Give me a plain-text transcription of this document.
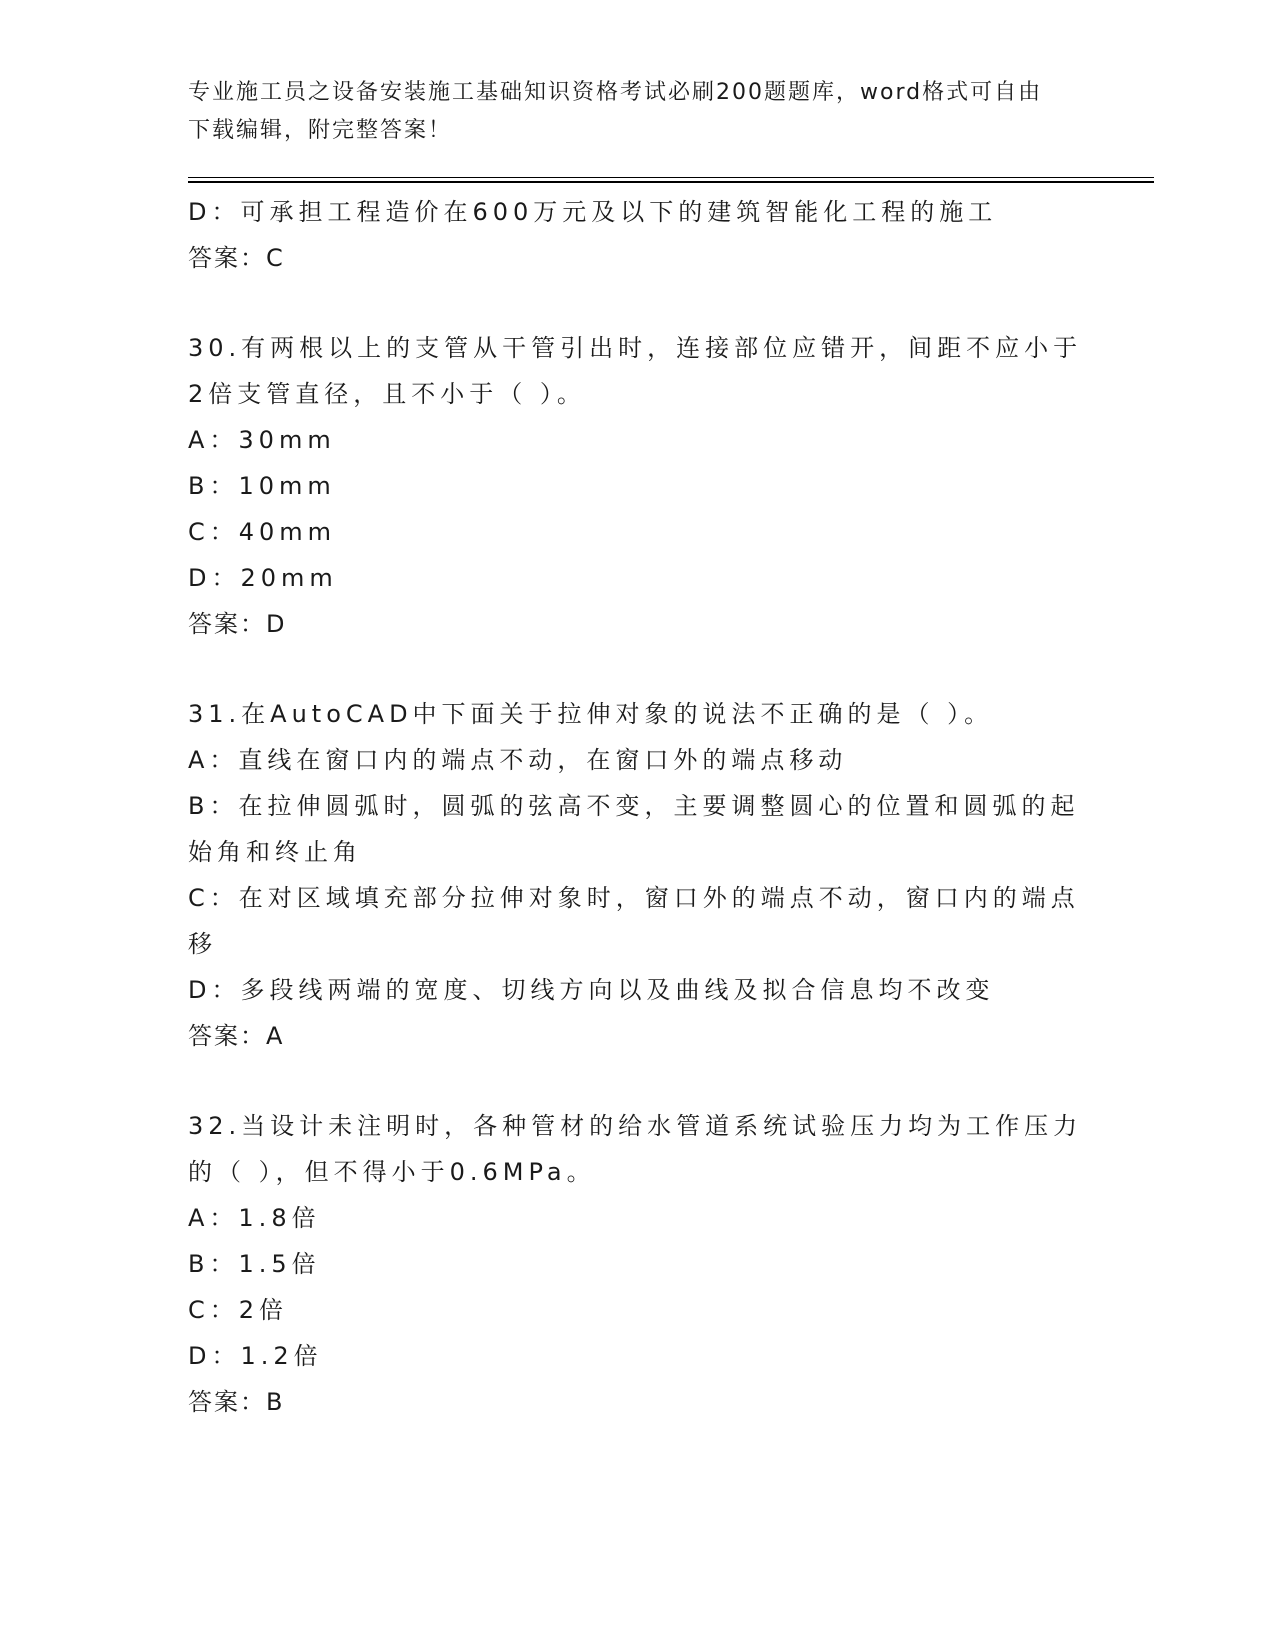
专业施工员之设备安装施工基础知识资格考试必刷200题题库，word格式可自由
下载编辑，附完整答案！
D：可承担工程造价在600万元及以下的建筑智能化工程的施工
答案：C
30.有两根以上的支管从干管引出时，连接部位应错开，间距不应小于
2倍支管直径，且不小于（ ）。
A：30mm
B：10mm
C：40mm
D：20mm
答案：D
31.在AutoCAD中下面关于拉伸对象的说法不正确的是（ ）。
A：直线在窗口内的端点不动，在窗口外的端点移动
B：在拉伸圆弧时，圆弧的弦高不变，主要调整圆心的位置和圆弧的起
始角和终止角
C：在对区域填充部分拉伸对象时，窗口外的端点不动，窗口内的端点
移
D：多段线两端的宽度、切线方向以及曲线及拟合信息均不改变
答案：A
32.当设计未注明时，各种管材的给水管道系统试验压力均为工作压力
的（ ），但不得小于0.6MPa。
A：1.8倍
B：1.5倍
C：2倍
D：1.2倍
答案：B
